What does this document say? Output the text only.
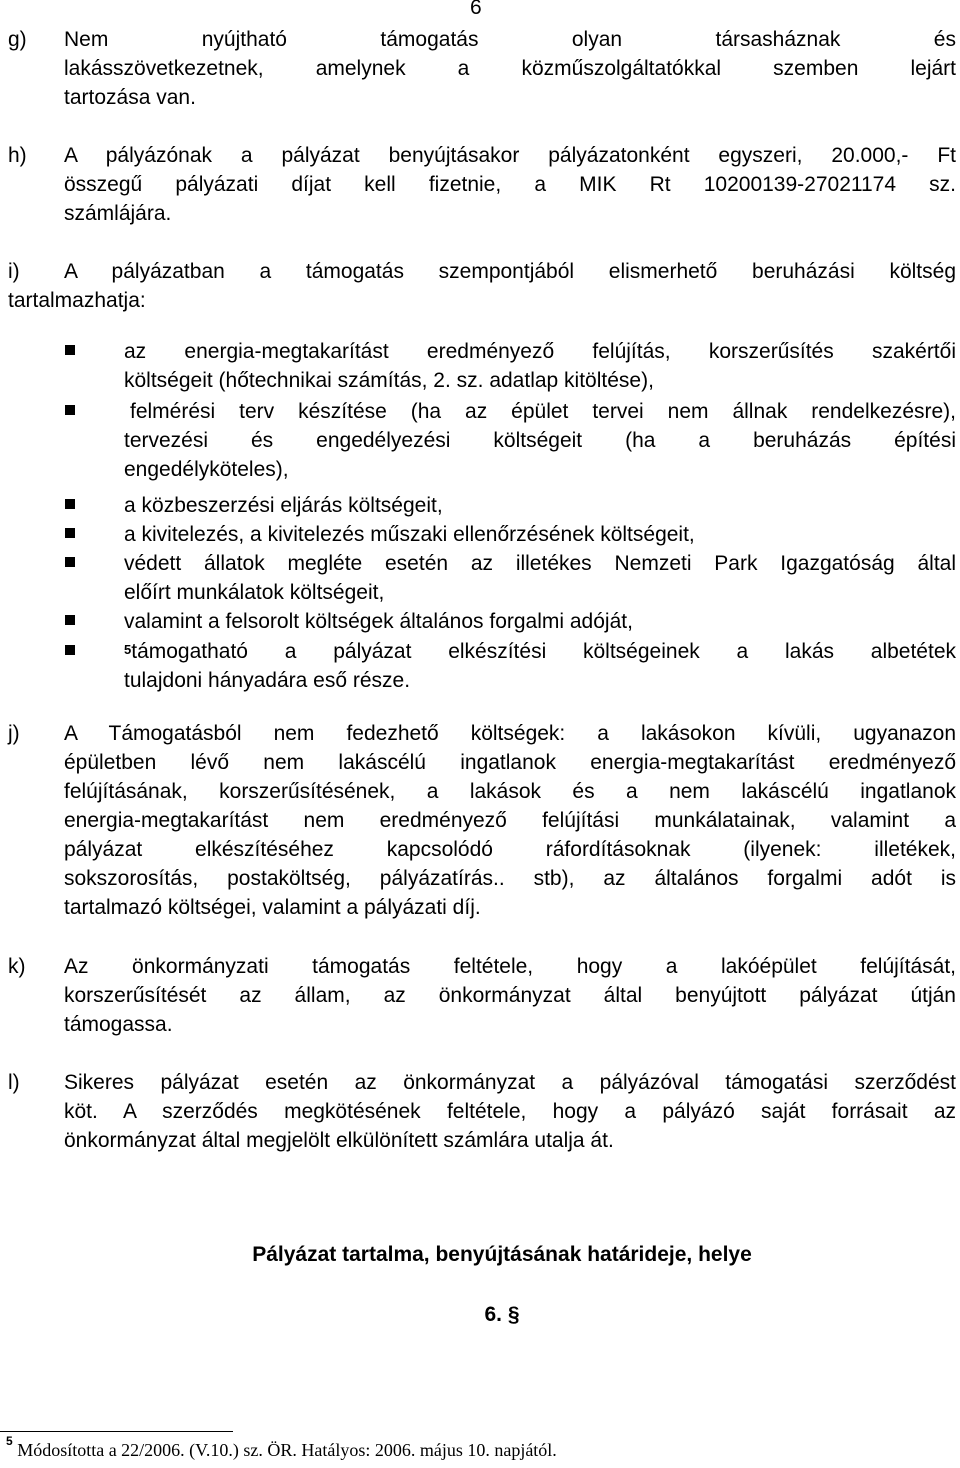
6
g) Nem nyújtható támogatás olyan társasháznak és
lakásszövetkezetnek, amelynek a közműszolgáltatókkal szemben lejárt
tartozása van.
h) A pályázónak a pályázat benyújtásakor pályázatonként egyszeri, 20.000,- Ft
összegű pályázati díjat kell fizetnie, a MIK Rt 10200139-27021174 sz.
számlájára.
i) A pályázatban a támogatás szempontjából elismerhető beruházási költség
tartalmazhatja:
az energia-megtakarítást eredményező felújítás, korszerűsítés szakértői
költségeit (hőtechnikai számítás, 2. sz. adatlap kitöltése),
felmérési terv készítése (ha az épület tervei nem állnak rendelkezésre),
tervezési és engedélyezési költségeit (ha a beruházás építési
engedélyköteles),
a közbeszerzési eljárás költségeit,
a kivitelezés, a kivitelezés műszaki ellenőrzésének költségeit,
védett állatok megléte esetén az illetékes Nemzeti Park Igazgatóság által
előírt munkálatok költségeit,
valamint a felsorolt költségek általános forgalmi adóját,
$^5$támogatható a pályázat elkészítési költségeinek a lakás albetétek
tulajdoni hányadára eső része.
j) A Támogatásból nem fedezhető költségek: a lakásokon kívüli, ugyanazon
épületben lévő nem lakáscélú ingatlanok energia-megtakarítást eredményező
felújításának, korszerűsítésének, a lakások és a nem lakáscélú ingatlanok
energia-megtakarítást nem eredményező felújítási munkálatainak, valamint a
pályázat elkészítéséhez kapcsolódó ráfordításoknak (ilyenek: illetékek,
sokszorosítás, postaköltség, pályázatírás.. stb), az általános forgalmi adót is
tartalmazó költségei, valamint a pályázati díj.
k) Az önkormányzati támogatás feltétele, hogy a lakóépület felújítását,
korszerűsítését az állam, az önkormányzat által benyújtott pályázat útján
támogassa.
l) Sikeres pályázat esetén az önkormányzat a pályázóval támogatási szerződést
köt. A szerződés megkötésének feltétele, hogy a pályázó saját forrásait az
önkormányzat által megjelölt elkülönített számlára utalja át.
Pályázat tartalma, benyújtásának határideje, helye
6. §
$^5$ Módosította a 22/2006. (V.10.) sz. ÖR. Hatályos: 2006. május 10. napjától.
